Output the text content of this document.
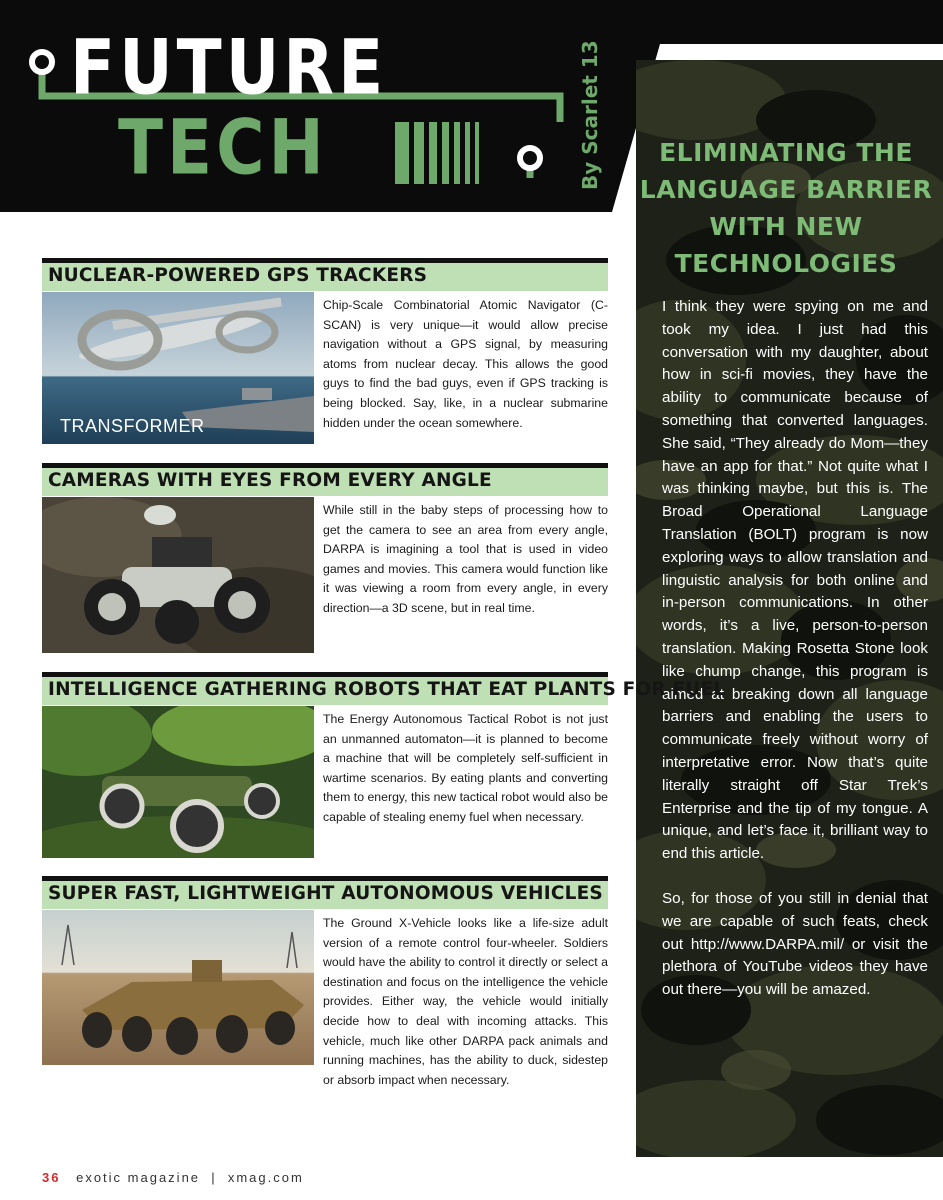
FUTURE
TECH	By Scarlet 13	ELIMINATING THE LANGUAGE BARRIER WITH NEW TECHNOLOGIES

I think they were spying on me and took my idea. I just had this conversation with my daughter, about how in sci-fi movies, they have the ability to communicate because of something that converted languages. She said, “They already do Mom—they have an app for that.” Not quite what I was thinking maybe, but this is. The Broad Operational Language Translation (BOLT) program is now exploring ways to allow translation and linguistic analysis for both online and in-person communications. In other words, it’s a live, person-to-person translation. Making Rosetta Stone look like chump change, this program is aimed at breaking down all language barriers and enabling the users to communicate freely without worry of interpretative error. Now that’s quite literally straight off Star Trek’s Enterprise and the tip of my tongue. A unique, and let’s face it, brilliant way to end this article.

So, for those of you still in denial that we are capable of such feats, check out http://www.DARPA.mil/ or visit the plethora of YouTube videos they have out there—you will be amazed.

NUCLEAR-POWERED GPS TRACKERS
TRANSFORMER
Chip-Scale Combinatorial Atomic Navigator (C-SCAN) is very unique—it would allow precise navigation without a GPS signal, by measuring atoms from nuclear decay. This allows the good guys to find the bad guys, even if GPS tracking is being blocked. Say, like, in a nuclear submarine hidden under the ocean somewhere.
CAMERAS WITH EYES FROM EVERY ANGLE
While still in the baby steps of processing how to get the camera to see an area from every angle, DARPA is imagining a tool that is used in video games and movies. This camera would function like it was viewing a room from every angle, in every direction—a 3D scene, but in real time.
INTELLIGENCE GATHERING ROBOTS THAT EAT PLANTS FOR FUEL
The Energy Autonomous Tactical Robot is not just an unmanned automaton—it is planned to become a machine that will be completely self-sufficient in wartime scenarios. By eating plants and converting them to energy, this new tactical robot would also be capable of stealing enemy fuel when necessary.
SUPER FAST, LIGHTWEIGHT AUTONOMOUS VEHICLES
The Ground X-Vehicle looks like a life-size adult version of a remote control four-wheeler. Soldiers would have the ability to control it directly or select a destination and focus on the intelligence the vehicle provides. Either way, the vehicle would initially decide how to deal with incoming attacks. This vehicle, much like other DARPA pack animals and running machines, has the ability to duck, sidestep or absorb impact when necessary.
36 exotic magazine  |  xmag.com
